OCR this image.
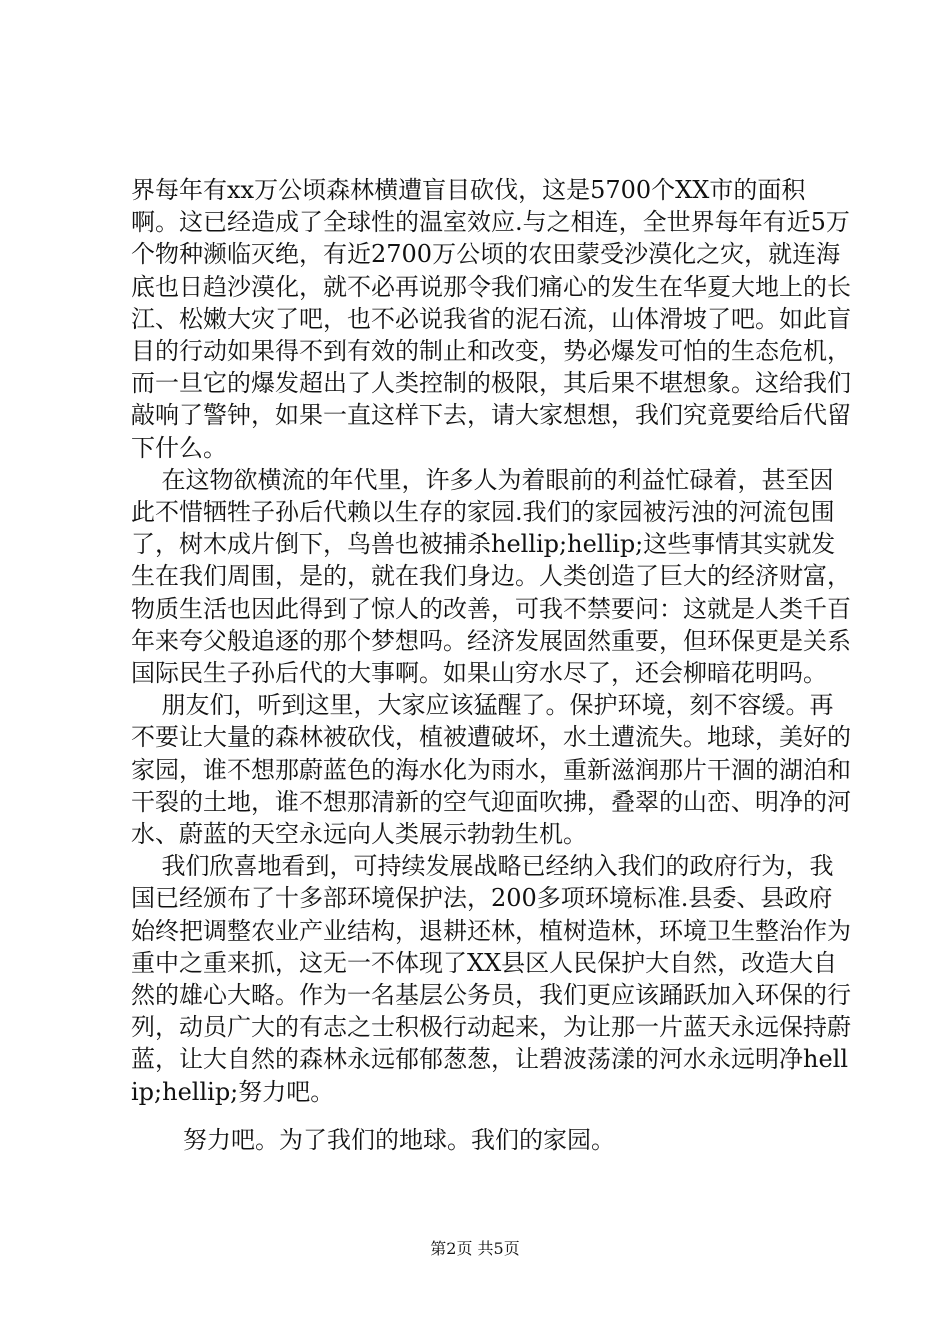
界每年有xx万公顷森林横遭盲目砍伐，这是5700个XX市的面积啊。这已经造成了全球性的温室效应.与之相连，全世界每年有近5万个物种濒临灭绝，有近2700万公顷的农田蒙受沙漠化之灾，就连海底也日趋沙漠化，就不必再说那令我们痛心的发生在华夏大地上的长江、松嫩大灾了吧，也不必说我省的泥石流，山体滑坡了吧。如此盲目的行动如果得不到有效的制止和改变，势必爆发可怕的生态危机，而一旦它的爆发超出了人类控制的极限，其后果不堪想象。这给我们敲响了警钟，如果一直这样下去，请大家想想，我们究竟要给后代留下什么。

在这物欲横流的年代里，许多人为着眼前的利益忙碌着，甚至因此不惜牺牲子孙后代赖以生存的家园.我们的家园被污浊的河流包围了，树木成片倒下，鸟兽也被捕杀hellip;hellip;这些事情其实就发生在我们周围，是的，就在我们身边。人类创造了巨大的经济财富，物质生活也因此得到了惊人的改善，可我不禁要问：这就是人类千百年来夸父般追逐的那个梦想吗。经济发展固然重要，但环保更是关系国际民生子孙后代的大事啊。如果山穷水尽了，还会柳暗花明吗。

朋友们，听到这里，大家应该猛醒了。保护环境，刻不容缓。再不要让大量的森林被砍伐，植被遭破坏，水土遭流失。地球，美好的家园，谁不想那蔚蓝色的海水化为雨水，重新滋润那片干涸的湖泊和干裂的土地，谁不想那清新的空气迎面吹拂，叠翠的山峦、明净的河水、蔚蓝的天空永远向人类展示勃勃生机。

我们欣喜地看到，可持续发展战略已经纳入我们的政府行为，我国已经颁布了十多部环境保护法，200多项环境标准.县委、县政府始终把调整农业产业结构，退耕还林，植树造林，环境卫生整治作为重中之重来抓，这无一不体现了XX县区人民保护大自然，改造大自然的雄心大略。作为一名基层公务员，我们更应该踊跃加入环保的行列，动员广大的有志之士积极行动起来，为让那一片蓝天永远保持蔚蓝，让大自然的森林永远郁郁葱葱，让碧波荡漾的河水永远明净hellip;hellip;努力吧。

努力吧。为了我们的地球。我们的家园。

第2页 共5页
